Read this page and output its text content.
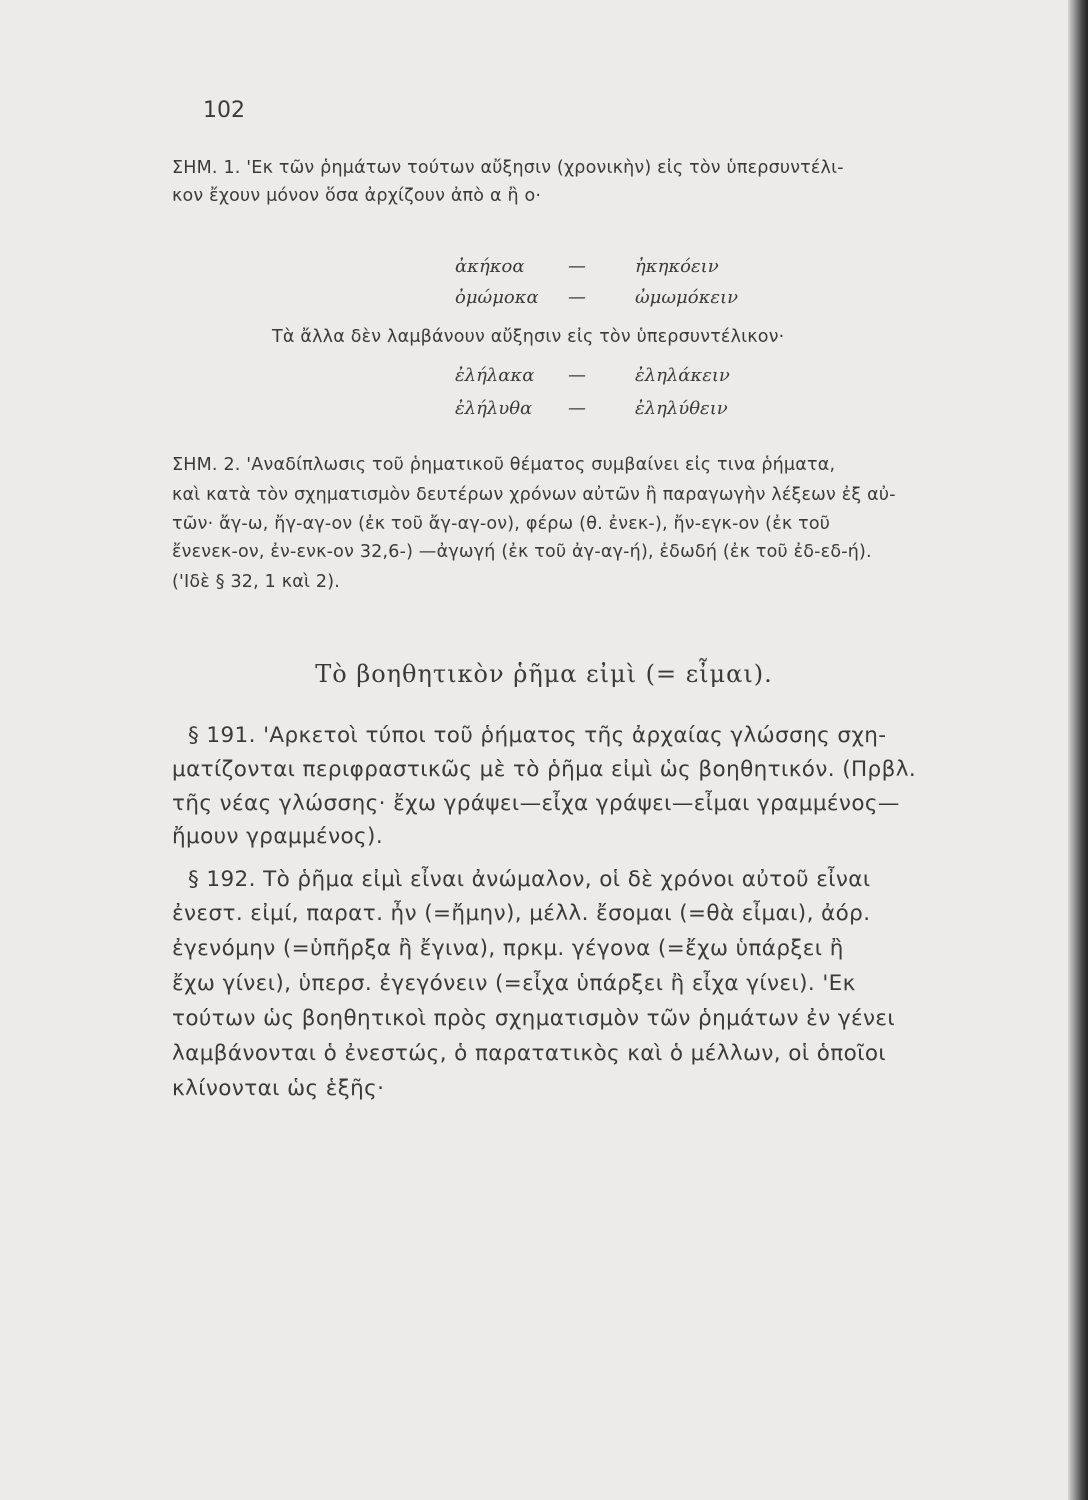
102
ΣΗΜ. 1. 'Εκ τῶν ῥημάτων τούτων αὔξησιν (χρονικὴν) εἰς τὸν ὑπερσυντέλι-
κον ἔχουν μόνον ὅσα ἀρχίζουν ἀπὸ α ἢ ο·
ἀκήκοα —	ἠκηκόειν
ὀμώμοκα —	ὠμωμόκειν
Τὰ ἄλλα δὲν λαμβάνουν αὔξησιν εἰς τὸν ὑπερσυντέλικον·
ἐλήλακα —	ἐληλάκειν
ἐλήλυθα —	ἐληλύθειν
ΣΗΜ. 2. 'Αναδίπλωσις τοῦ ῥηματικοῦ θέματος συμβαίνει εἰς τινα ῥήματα,
καὶ κατὰ τὸν σχηματισμὸν δευτέρων χρόνων αὐτῶν ἢ παραγωγὴν λέξεων ἐξ αὐ-
τῶν· ἄγ-ω, ἤγ-αγ-ον (ἐκ τοῦ ἄγ-αγ-ον), φέρω (θ. ἐνεκ-), ἤν-εγκ-ον (ἐκ τοῦ
ἔνενεκ-ον, ἐν-ενκ-ον 32,6-) —ἀγωγή (ἐκ τοῦ ἀγ-αγ-ή), ἐδωδή (ἐκ τοῦ ἐδ-εδ-ή).
('Ιδὲ § 32, 1 καὶ 2).
Τὸ βοηθητικὸν ῥῆμα εἰμὶ (= εἶμαι).
§ 191. 'Αρκετοὶ τύποι τοῦ ῥήματος τῆς ἀρχαίας γλώσσης σχη-
ματίζονται περιφραστικῶς μὲ τὸ ῥῆμα εἰμὶ ὡς βοηθητικόν. (Πρβλ.
τῆς νέας γλώσσης· ἔχω γράψει—εἶχα γράψει—εἶμαι γραμμένος—
ἤμουν γραμμένος).
§ 192. Τὸ ῥῆμα εἰμὶ εἶναι ἀνώμαλον, οἱ δὲ χρόνοι αὐτοῦ εἶναι
ἐνεστ. εἰμί, παρατ. ἦν (=ἤμην), μέλλ. ἔσομαι (=θὰ εἶμαι), ἀόρ.
ἐγενόμην (=ὑπῆρξα ἢ ἔγινα), πρκμ. γέγονα (=ἔχω ὑπάρξει ἢ
ἔχω γίνει), ὑπερσ. ἐγεγόνειν (=εἶχα ὑπάρξει ἢ εἶχα γίνει). 'Εκ
τούτων ὡς βοηθητικοὶ πρὸς σχηματισμὸν τῶν ῥημάτων ἐν γένει
λαμβάνονται ὁ ἐνεστώς, ὁ παρατατικὸς καὶ ὁ μέλλων, οἱ ὁποῖοι
κλίνονται ὡς ἑξῆς·
